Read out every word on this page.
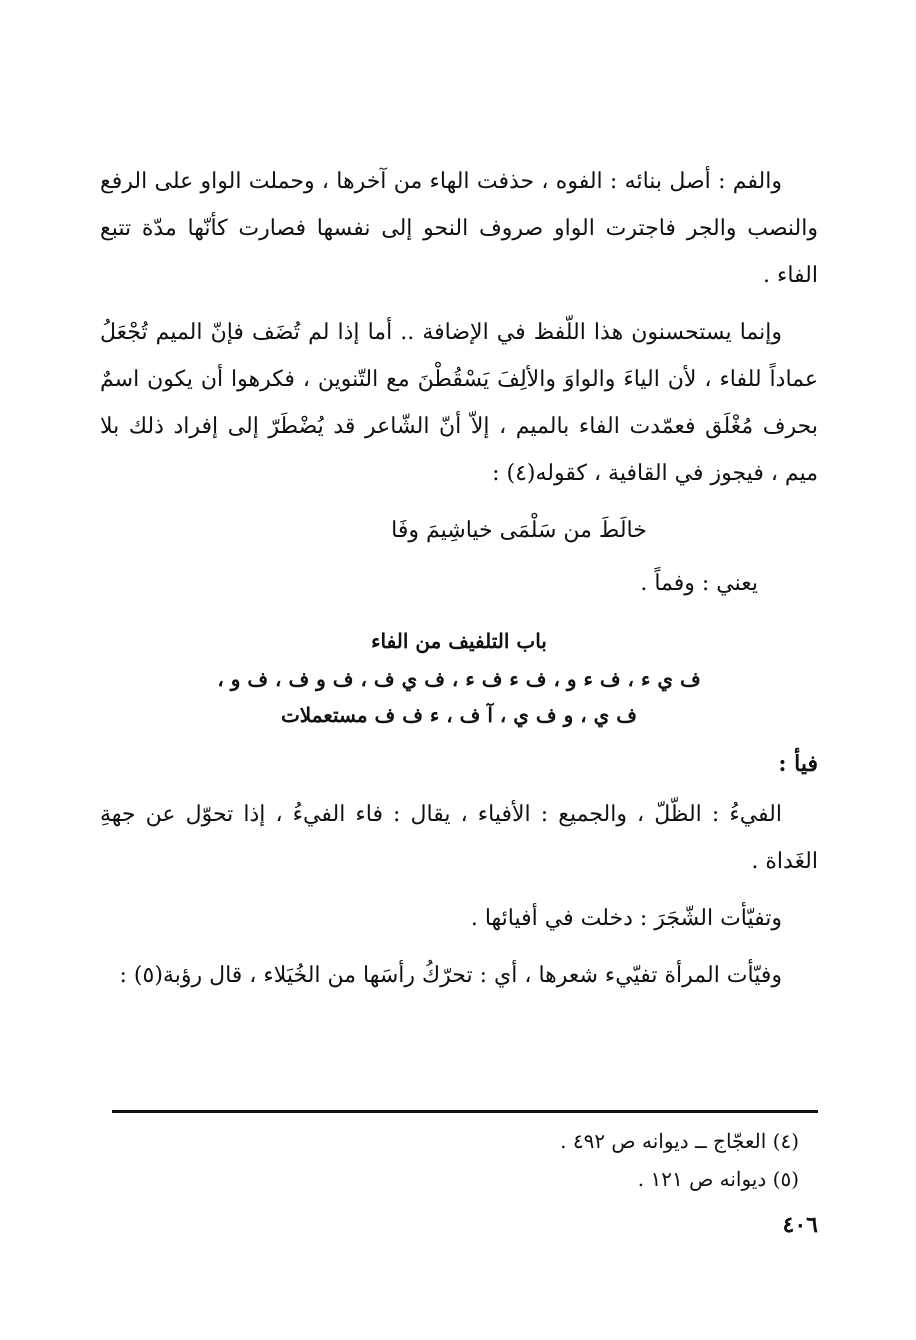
والفم : أصل بنائه : الفوه ، حذفت الهاء من آخرها ، وحملت الواو على الرفع والنصب والجر فاجترت الواو صروف النحو إلى نفسها فصارت كأنّها مدّة تتبع الفاء .

وإنما يستحسنون هذا اللّفظ في الإضافة .. أما إذا لم تُضَف فإنّ الميم تُجْعَلُ عماداً للفاء ، لأن الياءَ والواوَ والألِفَ يَسْقُطْنَ مع التّنوين ، فكرهوا أن يكون اسمٌ بحرف مُغْلَق فعمّدت الفاء بالميم ، إلاّ أنّ الشّاعر قد يُضْطَرّ إلى إفراد ذلك بلا ميم ، فيجوز في القافية ، كقوله(٤) :

خالَطَ من سَلْمَى خياشِيمَ وفَا
يعني : وفماً .
باب التلفيف من الفاء
ف ي ء ، ف ء و ، ف ء ف ء ، ف ي ف ، ف و ف ، ف و ،
ف ي ، و ف ي ، آ ف ، ء ف ف مستعملات
فيأ :

الفيءُ : الظّلّ ، والجميع : الأفياء ، يقال : فاء الفيءُ ، إذا تحوّل عن جهةِ الغَداة .

وتفيّأت الشّجَرَ : دخلت في أفيائها .

وفيّأت المرأة تفيّيء شعرها ، أي : تحرّكُ رأسَها من الخُيَلاء ، قال رؤبة(٥) :

(٤) العجّاج ــ ديوانه ص ٤٩٢ .
(٥) ديوانه ص ١٢١ .
٤٠٦
